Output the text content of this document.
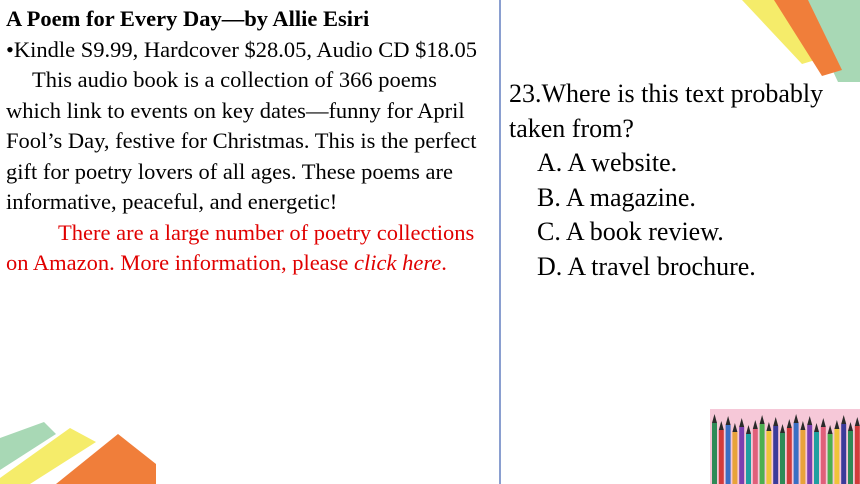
A Poem for Every Day—by Allie Esiri

•Kindle S9.99, Hardcover $28.05, Audio CD $18.05

This audio book is a collection of 366 poems which link to events on key dates—funny for April Fool’s Day, festive for Christmas. This is the perfect gift for poetry lovers of all ages. These poems are informative, peaceful, and energetic!

There are a large number of poetry collections on Amazon. More information, please click here.

23.Where is this text probably taken from?

A. A website.
B. A magazine.
C. A book review.
D. A travel brochure.
